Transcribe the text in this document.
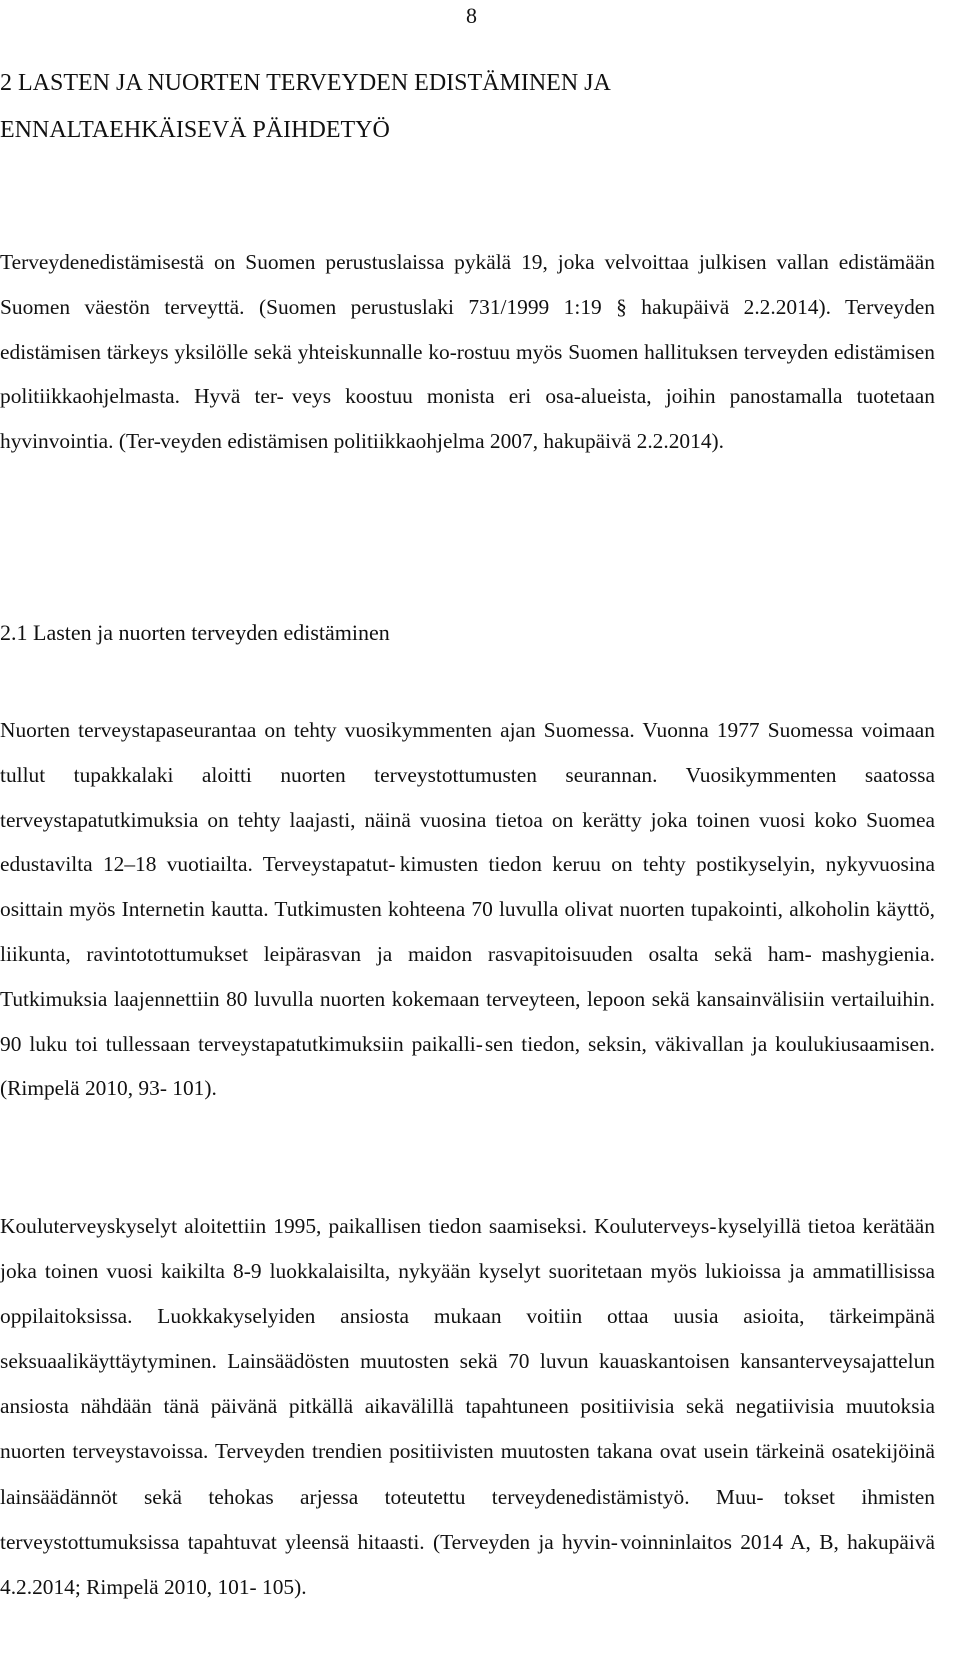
8
2 LASTEN JA NUORTEN TERVEYDEN EDISTÄMINEN JA
ENNALTAEHKÄISEVÄ PÄIHDETYÖ

Terveydenedistämisestä on Suomen perustuslaissa pykälä 19, joka velvoittaa julkisen vallan edistämään Suomen väestön terveyttä. (Suomen perustuslaki 731/1999 1:19 § hakupäivä 2.2.2014). Terveyden edistämisen tärkeys yksilölle sekä yhteiskunnalle ko- rostuu myös Suomen hallituksen terveyden edistämisen politiikkaohjelmasta. Hyvä ter- veys koostuu monista eri osa-alueista, joihin panostamalla tuotetaan hyvinvointia. (Ter- veyden edistämisen politiikkaohjelma 2007, hakupäivä 2.2.2014).

2.1 Lasten ja nuorten terveyden edistäminen

Nuorten terveystapaseurantaa on tehty vuosikymmenten ajan Suomessa. Vuonna 1977 Suomessa voimaan tullut tupakkalaki aloitti nuorten terveystottumusten seurannan. Vuosikymmenten saatossa terveystapatutkimuksia on tehty laajasti, näinä vuosina tietoa on kerätty joka toinen vuosi koko Suomea edustavilta 12–18 vuotiailta. Terveystapatut- kimusten tiedon keruu on tehty postikyselyin, nykyvuosina osittain myös Internetin kautta. Tutkimusten kohteena 70 luvulla olivat nuorten tupakointi, alkoholin käyttö, liikunta, ravintotottumukset leipärasvan ja maidon rasvapitoisuuden osalta sekä ham- mashygienia. Tutkimuksia laajennettiin 80 luvulla nuorten kokemaan terveyteen, lepoon sekä kansainvälisiin vertailuihin. 90 luku toi tullessaan terveystapatutkimuksiin paikalli- sen tiedon, seksin, väkivallan ja koulukiusaamisen. (Rimpelä 2010, 93- 101).

Kouluterveyskyselyt aloitettiin 1995, paikallisen tiedon saamiseksi. Kouluterveys- kyselyillä tietoa kerätään joka toinen vuosi kaikilta 8-9 luokkalaisilta, nykyään kyselyt suoritetaan myös lukioissa ja ammatillisissa oppilaitoksissa. Luokkakyselyiden ansiosta mukaan voitiin ottaa uusia asioita, tärkeimpänä seksuaalikäyttäytyminen. Lainsäädösten muutosten sekä 70 luvun kauaskantoisen kansanterveysajattelun ansiosta nähdään tänä päivänä pitkällä aikavälillä tapahtuneen positiivisia sekä negatiivisia muutoksia nuorten terveystavoissa. Terveyden trendien positiivisten muutosten takana ovat usein tärkeinä osatekijöinä lainsäädännöt sekä tehokas arjessa toteutettu terveydenedistämistyö. Muu- tokset ihmisten terveystottumuksissa tapahtuvat yleensä hitaasti. (Terveyden ja hyvin- voinninlaitos 2014 A, B, hakupäivä 4.2.2014; Rimpelä 2010, 101- 105).
